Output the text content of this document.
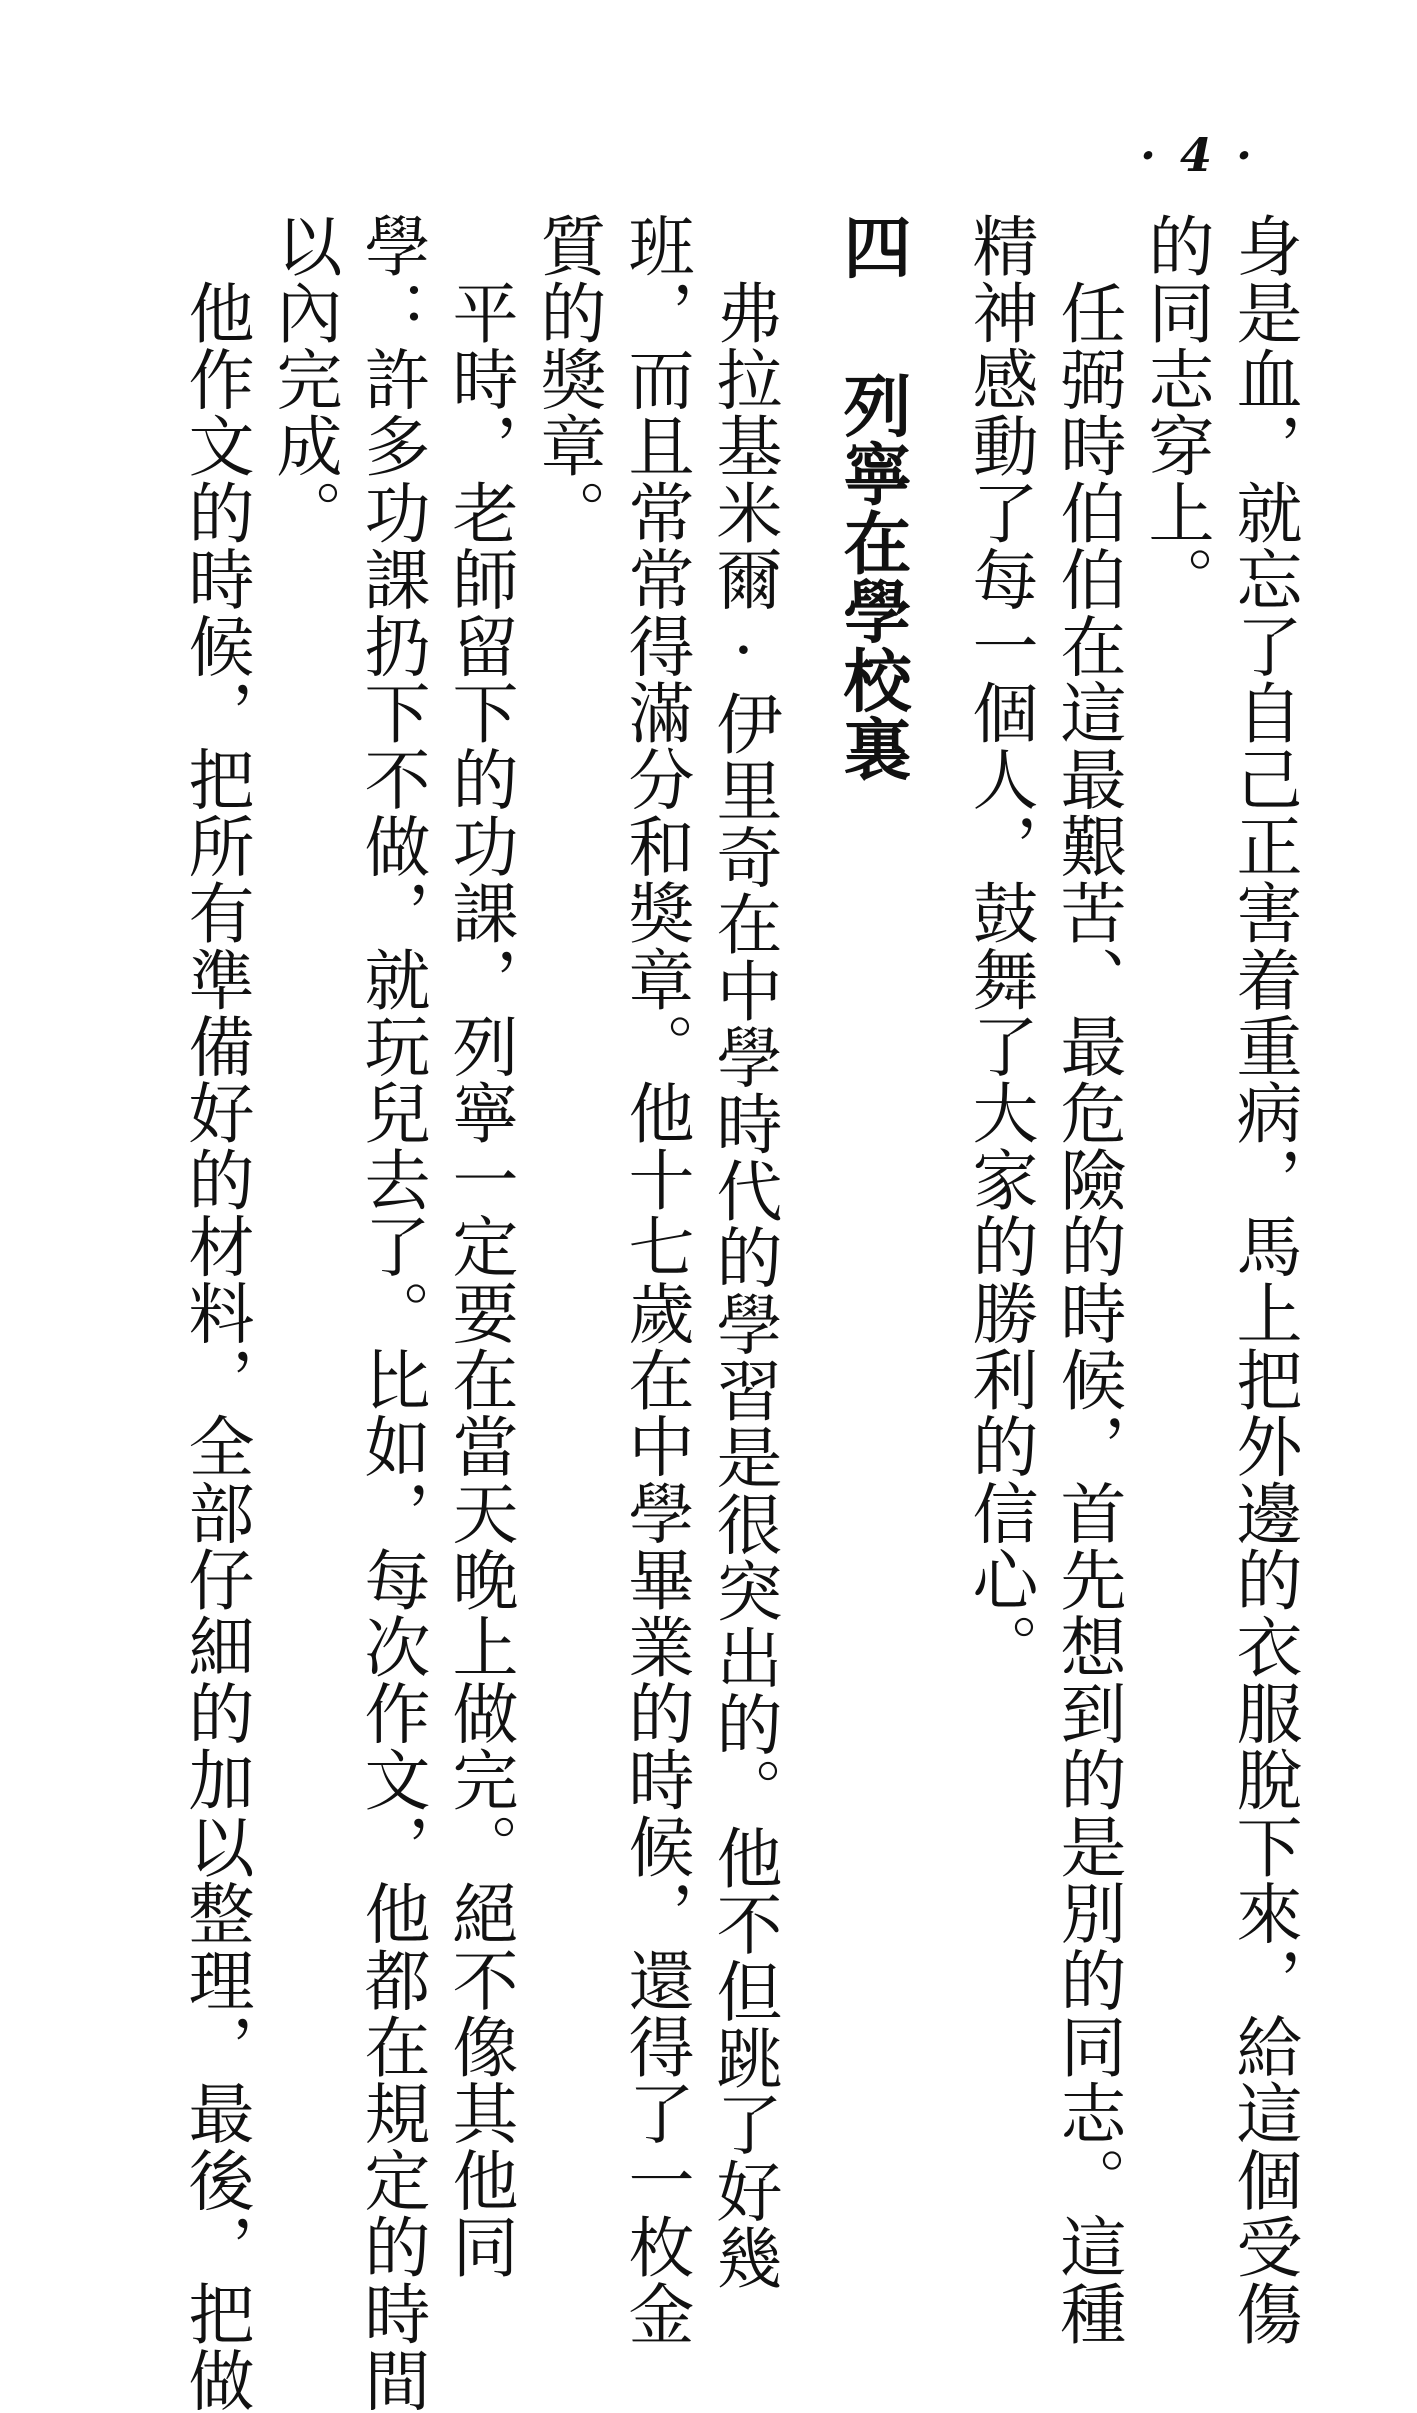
· 4 ·
身是血，就忘了自己正害着重病，馬上把外邊的衣服脫下來，給這個受傷
的同志穿上。
　任弼時伯伯在這最艱苦、最危險的時候，首先想到的是別的同志。這種
精神感動了每一個人，鼓舞了大家的勝利的信心。
四列寧在學校裏
　弗拉基米爾·伊里奇在中學時代的學習是很突出的。他不但跳了好幾
班，而且常常得滿分和獎章。他十七歲在中學畢業的時候，還得了一枚金
質的獎章。
　平時，老師留下的功課，列寧一定要在當天晚上做完。絕不像其他同
學：許多功課扔下不做，就玩兒去了。比如，每次作文，他都在規定的時間
以內完成。
　他作文的時候，把所有準備好的材料，全部仔細的加以整理，最後，把做
